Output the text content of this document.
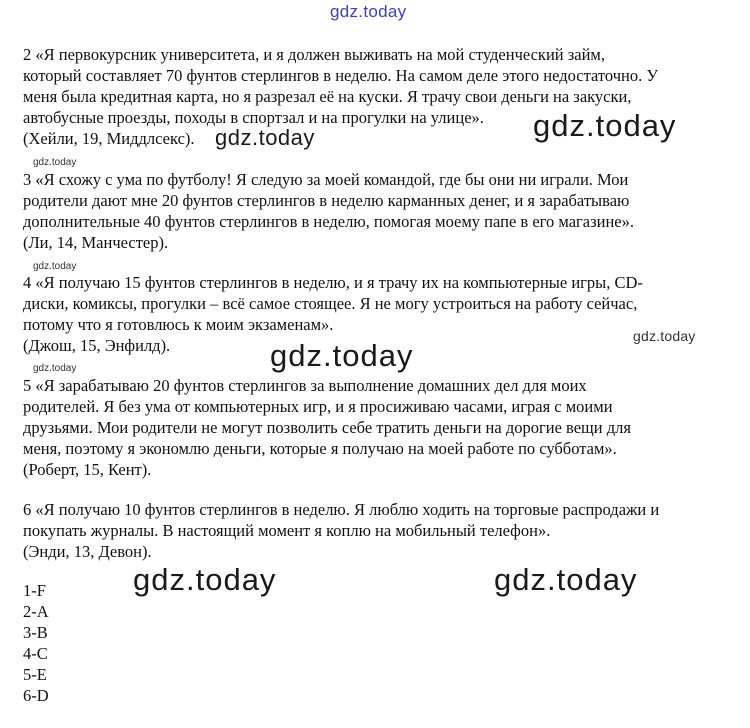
gdz.today
2 «Я первокурсник университета, и я должен выживать на мой студенческий займ,
который составляет 70 фунтов стерлингов в неделю. На самом деле этого недостаточно. У
меня была кредитная карта, но я разрезал её на куски. Я трачу свои деньги на закуски,
автобусные проезды, походы в спортзал и на прогулки на улице».
(Хейли, 19, Миддлсекс). gdz.today	gdz.today
gdz.today
3 «Я схожу с ума по футболу! Я следую за моей командой, где бы они ни играли. Мои
родители дают мне 20 фунтов стерлингов в неделю карманных денег, и я зарабатываю
дополнительные 40 фунтов стерлингов в неделю, помогая моему папе в его магазине».
(Ли, 14, Манчестер).
gdz.today
4 «Я получаю 15 фунтов стерлингов в неделю, и я трачу их на компьютерные игры, CD-
диски, комиксы, прогулки – всё самое стоящее. Я не могу устроиться на работу сейчас,
потому что я готовлюсь к моим экзаменам».
(Джош, 15, Энфилд).	gdz.today
gdz.today
gdz.today
5 «Я зарабатываю 20 фунтов стерлингов за выполнение домашних дел для моих
родителей. Я без ума от компьютерных игр, и я просиживаю часами, играя с моими
друзьями. Мои родители не могут позволить себе тратить деньги на дорогие вещи для
меня, поэтому я экономлю деньги, которые я получаю на моей работе по субботам».
(Роберт, 15, Кент).
6 «Я получаю 10 фунтов стерлингов в неделю. Я люблю ходить на торговые распродажи и
покупать журналы. В настоящий момент я коплю на мобильный телефон».
(Энди, 13, Девон).
gdz.today	gdz.today
1-F
2-A
3-B
4-C
5-E
6-D
